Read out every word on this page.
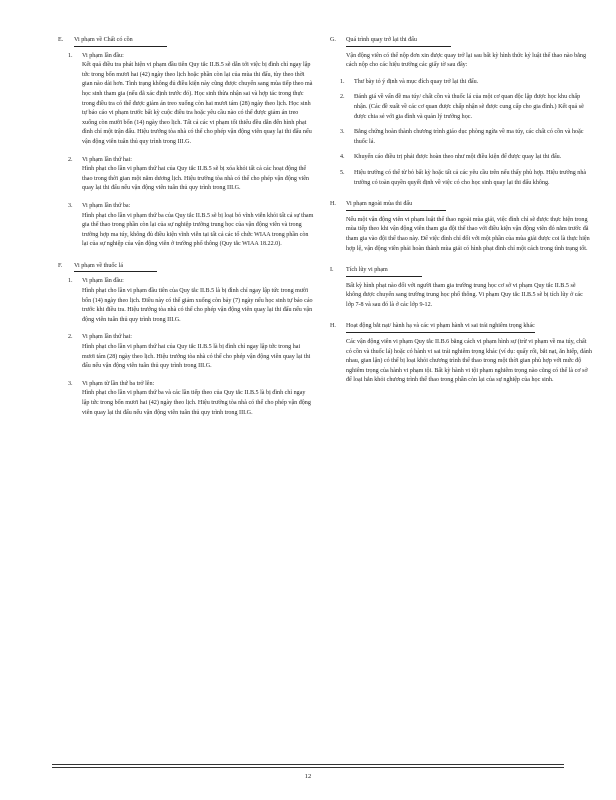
E.	Vi phạm về Chất có cồn
1.	Vi phạm lần đầu:
Kết quả điều tra phát hiện vi phạm đầu tiên Quy tắc II.B.5 sẽ dẫn tới việc bị đình chỉ ngay lập tức trong bốn mươi hai (42) ngày theo lịch hoặc phần còn lại của mùa thi đấu, tùy theo thời gian nào dài hơn. Tình trạng không đủ điều kiện này cũng được chuyển sang mùa tiếp theo mà học sinh tham gia (nếu đã xác định trước đó). Học sinh thừa nhận sai và hợp tác trong thực trong điều tra có thể được giảm án treo xuống còn hai mươi tám (28) ngày theo lịch. Học sinh tự báo cáo vi phạm trước bất kỳ cuộc điều tra hoặc yêu cầu nào có thể được giảm án treo xuống còn mười bốn (14) ngày theo lịch. Tất cả các vi phạm tối thiểu đều dẫn đến hình phạt đình chỉ một trận đấu. Hiệu trưởng tòa nhà có thể cho phép vận động viên quay lại thi đấu nếu vận động viên tuân thủ quy trình trong III.G.
2.	Vi phạm lần thứ hai:
Hình phạt cho lần vi phạm thứ hai của Quy tắc II.B.5 sẽ bị xóa khỏi tất cả các hoạt động thể thao trong thời gian một năm dương lịch. Hiệu trưởng tòa nhà có thể cho phép vận động viên quay lại thi đấu nếu vận động viên tuân thủ quy trình trong III.G.
3.	Vi phạm lần thứ ba:
Hình phạt cho lần vi phạm thứ ba của Quy tắc II.B.5 sẽ bị loại bỏ vĩnh viễn khỏi tất cả sự tham gia thể thao trong phần còn lại của sự nghiệp trường trung học của vận động viên và trong trường hợp ma túy, không đủ điều kiện vĩnh viễn tại tất cả các tổ chức WIAA trong phần còn lại của sự nghiệp của vận động viên ở trường phổ thông (Quy tắc WIAA 18.22.0).
F.	Vi phạm về thuốc lá
1.	Vi phạm lần đầu:
Hình phạt cho lần vi phạm đầu tiên của Quy tắc II.B.5 là bị đình chỉ ngay lập tức trong mười bốn (14) ngày theo lịch. Điều này có thể giảm xuống còn bảy (7) ngày nếu học sinh tự báo cáo trước khi điều tra. Hiệu trưởng tòa nhà có thể cho phép vận động viên quay lại thi đấu nếu vận động viên tuân thủ quy trình trong III.G.
2.	Vi phạm lần thứ hai:
Hình phạt cho lần vi phạm thứ hai của Quy tắc II.B.5 là bị đình chỉ ngay lập tức trong hai mươi tám (28) ngày theo lịch. Hiệu trưởng tòa nhà có thể cho phép vận động viên quay lại thi đấu nếu vận động viên tuân thủ quy trình trong III.G.
3.	Vi phạm từ lần thứ ba trở lên:
Hình phạt cho lần vi phạm thứ ba và các lần tiếp theo của Quy tắc II.B.5 là bị đình chỉ ngay lập tức trong bốn mươi hai (42) ngày theo lịch. Hiệu trưởng tòa nhà có thể cho phép vận động viên quay lại thi đấu nếu vận động viên tuân thủ quy trình trong III.G.
G.	Quá trình quay trở lại thi đấu
Vận động viên có thể nộp đơn xin được quay trở lại sau bất kỳ hình thức kỷ luật thể thao nào bằng cách nộp cho các hiệu trưởng các giấy tờ sau đây:
1.	Thư bày tỏ ý định và mục đích quay trở lại thi đấu.
2.	Đánh giá về vấn đề ma túy/ chất cồn và thuốc lá của một cơ quan độc lập được học khu chấp nhận. (Các đề xuất về các cơ quan được chấp nhận sẽ được cung cấp cho gia đình.) Kết quả sẽ được chia sẻ với gia đình và quản lý trường học.
3.	Bằng chứng hoàn thành chương trình giáo dục phòng ngừa về ma túy, các chất có cồn và hoặc thuốc lá.
4.	Khuyến cáo điều trị phải được hoàn theo như một điều kiện để được quay lại thi đấu.
5.	Hiệu trưởng có thể từ bỏ bất kỳ hoặc tất cả các yêu cầu trên nếu thấy phù hợp. Hiệu trưởng nhà trường có toàn quyền quyết định về việc có cho học sinh quay lại thi đấu không.
H.	Vi phạm ngoài mùa thi đấu
Nếu một vận động viên vi phạm luật thể thao ngoài mùa giải, việc đình chỉ sẽ được thực hiện trong mùa tiếp theo khi vận động viên tham gia đội thể thao với điều kiện vận động viên đó nằm trước đã tham gia vào đội thể thao này. Để việc đình chỉ đối với một phần của mùa giải được coi là thực hiện hợp lệ, vận động viên phải hoàn thành mùa giải có hình phạt đình chỉ một cách trong tình trạng tốt.
I.	Tích lũy vi phạm
Bất kỳ hình phạt nào đối với người tham gia trường trung học cơ sở vi phạm Quy tắc II.B.5 sẽ không được chuyển sang trường trung học phổ thông. Vi phạm Quy tắc II.B.5 sẽ bị tích lũy ở các lớp 7-8 và sau đó là ở các lớp 9-12.
H.	Hoạt động bắt nạt/ hành hạ và các vi phạm hành vi sai trái nghiêm trọng khác
Các vận động viên vi phạm Quy tắc II.B.6 bằng cách vi phạm hình sự (trừ vi phạm về ma túy, chất có cồn và thuốc lá) hoặc có hành vi sai trái nghiêm trọng khác (ví dụ: quấy rối, bắt nạt, ăn hiếp, đánh nhau, gian lận) có thể bị loại khỏi chương trình thể thao trong một thời gian phù hợp với mức độ nghiêm trọng của hành vi phạm tội. Bất kỳ hành vi tội phạm nghiêm trọng nào cũng có thể là cơ sở để loại hẳn khỏi chương trình thể thao trong phần còn lại của sự nghiệp của học sinh.
12
